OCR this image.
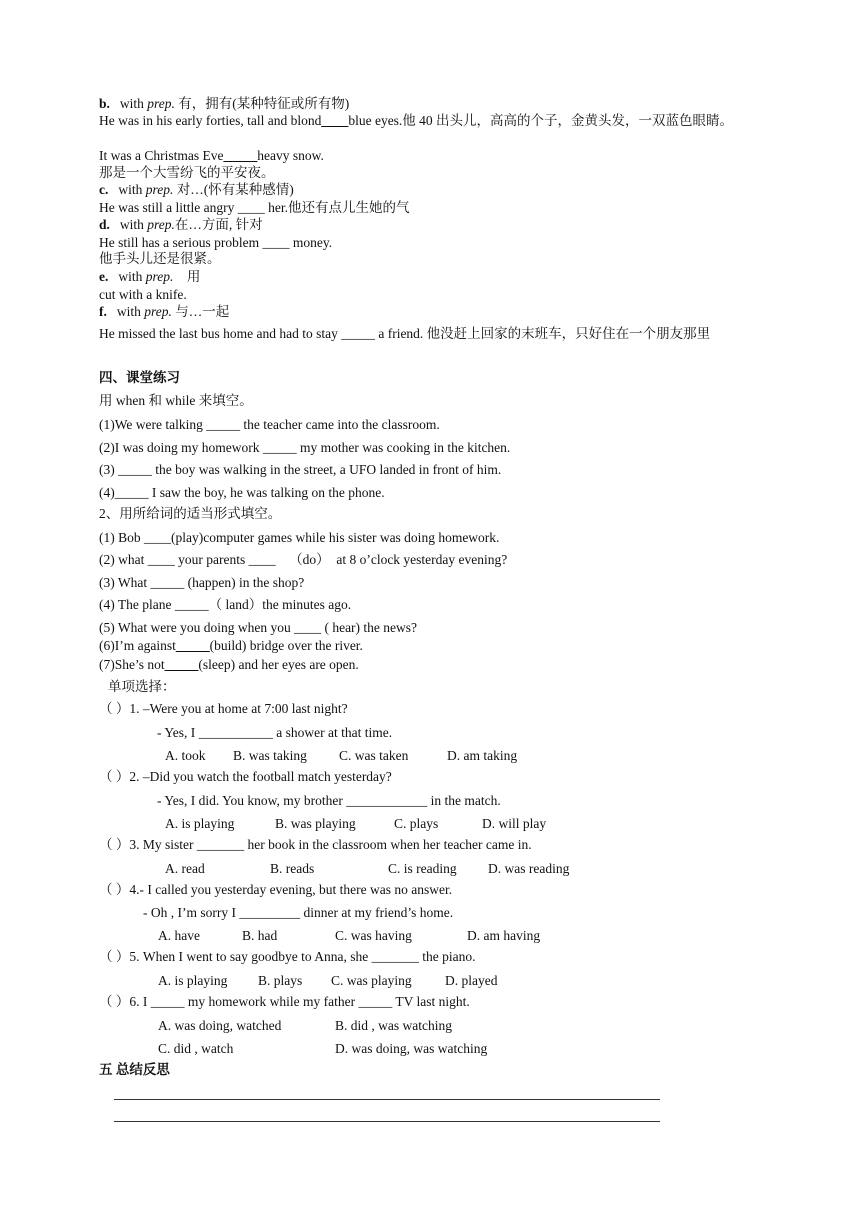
b. with prep. 有，拥有(某种特征或所有物)
He was in his early forties, tall and blond____blue eyes.他 40 出头儿，高高的个子，金黄头发，一双蓝色眼睛。
It was a Christmas Eve_____heavy snow.
那是一个大雪纷飞的平安夜。
c. with prep. 对…(怀有某种感情)
He was still a little angry ____ her.他还有点儿生她的气
d. with prep.在…方面, 针对
He still has a serious problem ____ money.
他手头儿还是很紧。
e. with prep.    用
cut with a knife.
f. with prep. 与…一起
He missed the last bus home and had to stay _____ a friend. 他没赶上回家的末班车，只好住在一个朋友那里
四、课堂练习
用 when 和 while 来填空。
(1)We were talking _____ the teacher came into the classroom.
(2)I was doing my homework _____ my mother was cooking in the kitchen.
(3) _____ the boy was walking in the street, a UFO landed in front of him.
(4)_____ I saw the boy, he was talking on the phone.
2、用所给词的适当形式填空。
(1) Bob ____(play)computer games while his sister was doing homework.
(2) what ____ your parents ____    （do）  at 8 o’clock yesterday evening?
(3) What _____ (happen) in the shop?
(4) The plane _____（ land）the minutes ago.
(5) What were you doing when you ____ ( hear) the news?
(6)I’m against_____(build) bridge over the river.
(7)She’s not_____(sleep) and her eyes are open.
单项选择：
（ ）1. –Were you at home at 7:00 last night?
- Yes, I ___________ a shower at that time.
A. took B. was taking C. was taken	D. am taking
（ ）2. –Did you watch the football match yesterday?
- Yes, I did. You know, my brother ____________ in the match.
A. is playing	B. was playing	C. plays	D. will play
（ ）3. My sister _______ her book in the classroom when her teacher came in.
A. read	B. reads	C. is reading D. was reading
（ ）4.- I called you yesterday evening, but there was no answer.
- Oh , I’m sorry I _________ dinner at my friend’s home.
A. have	B. had	C. was having	D. am having
（ ）5. When I went to say goodbye to Anna, she _______ the piano.
A. is playing B. plays C. was playing D. played
（ ）6. I _____ my homework while my father _____ TV last night.
A. was doing, watched	B. did , was watching
C. did , watch	D. was doing, was watching
五 总结反思
